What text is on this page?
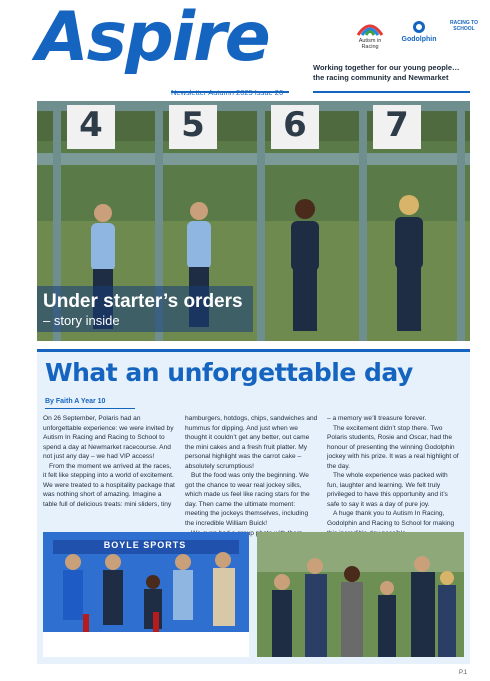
Aspire	Working together for our young people…
the racing community and Newmarket
Autism in Racing
Godolphin
RACING TO SCHOOL
4	5	6	7
Under starter’s orders
– story inside
What an unforgettable day
By Faith A Year 10

On 26 September, Polaris had an unforgettable experience: we were invited by Autism In Racing and Racing to School to spend a day at Newmarket racecourse. And not just any day – we had VIP access!

From the moment we arrived at the races, it felt like stepping into a world of excitement. We were treated to a hospitality package that was nothing short of amazing. Imagine a table full of delicious treats: mini sliders, tiny

hamburgers, hotdogs, chips, sandwiches and hummus for dipping. And just when we thought it couldn’t get any better, out came the mini cakes and a fresh fruit platter. My personal highlight was the carrot cake – absolutely scrumptious!

But the food was only the beginning. We got the chance to wear real jockey silks, which made us feel like racing stars for the day. Then came the ultimate moment: meeting the jockeys themselves, including the incredible William Buick!

– a memory we’ll treasure forever.

The excitement didn’t stop there. Two Polaris students, Rosie and Oscar, had the honour of presenting the winning Godolphin jockey with his prize. It was a real highlight of the day.

The whole experience was packed with fun, laughter and learning. We felt truly privileged to have this opportunity and it’s safe to say it was a day of pure joy.

A huge thank you to Autism In Racing, Godolphin and Racing to School for making

BOYLE SPORTS
P.1
